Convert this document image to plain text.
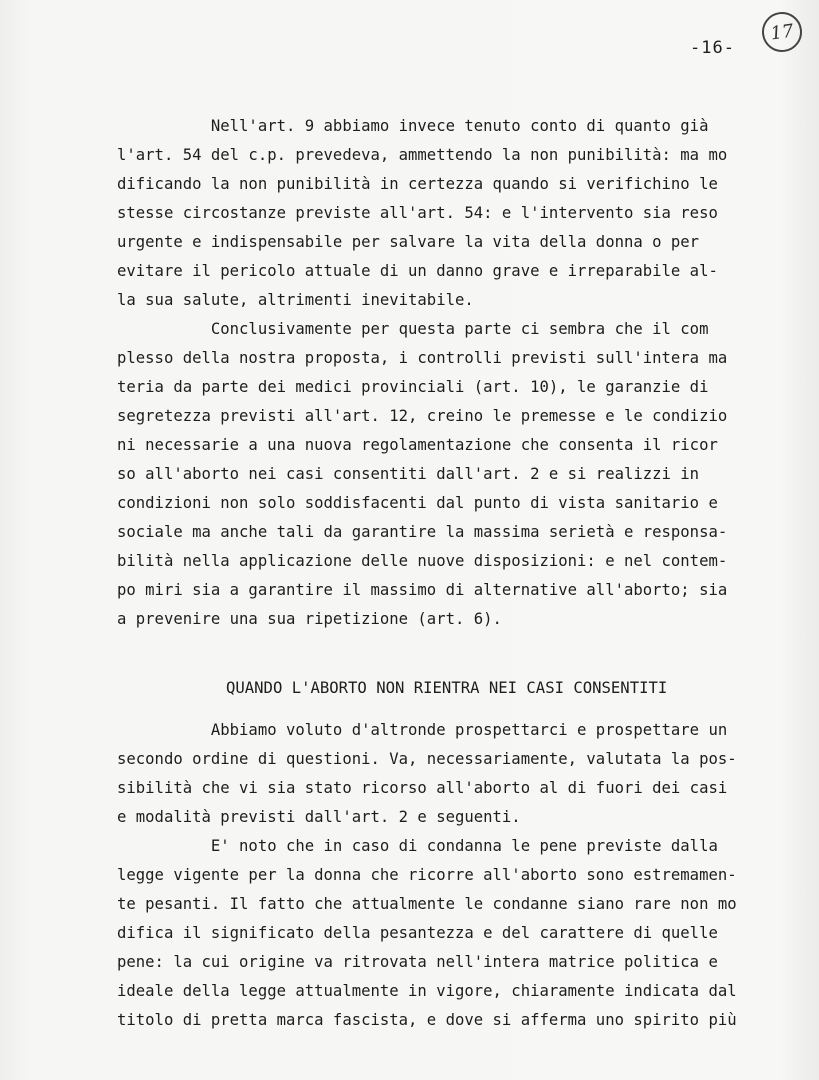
-16-
17
Nell'art. 9 abbiamo invece tenuto conto di quanto già
l'art. 54 del c.p. prevedeva, ammettendo la non punibilità: ma mo
dificando la non punibilità in certezza quando si verifichino le
stesse circostanze previste all'art. 54: e l'intervento sia reso
urgente e indispensabile per salvare la vita della donna o per
evitare il pericolo attuale di un danno grave e irreparabile al-
la sua salute, altrimenti inevitabile.
Conclusivamente per questa parte ci sembra che il com
plesso della nostra proposta, i controlli previsti sull'intera ma
teria da parte dei medici provinciali (art. 10), le garanzie di
segretezza previsti all'art. 12, creino le premesse e le condizio
ni necessarie a una nuova regolamentazione che consenta il ricor
so all'aborto nei casi consentiti dall'art. 2 e si realizzi in
condizioni non solo soddisfacenti dal punto di vista sanitario e
sociale ma anche tali da garantire la massima serietà e responsa-
bilità nella applicazione delle nuove disposizioni: e nel contem-
po miri sia a garantire il massimo di alternative all'aborto; sia
a prevenire una sua ripetizione (art. 6).
QUANDO L'ABORTO NON RIENTRA NEI CASI CONSENTITI
Abbiamo voluto d'altronde prospettarci e prospettare un
secondo ordine di questioni. Va, necessariamente, valutata la pos-
sibilità che vi sia stato ricorso all'aborto al di fuori dei casi
e modalità previsti dall'art. 2 e seguenti.
E' noto che in caso di condanna le pene previste dalla
legge vigente per la donna che ricorre all'aborto sono estremamen-
te pesanti. Il fatto che attualmente le condanne siano rare non mo
difica il significato della pesantezza e del carattere di quelle
pene: la cui origine va ritrovata nell'intera matrice politica e
ideale della legge attualmente in vigore, chiaramente indicata dal
titolo di pretta marca fascista, e dove si afferma uno spirito più
